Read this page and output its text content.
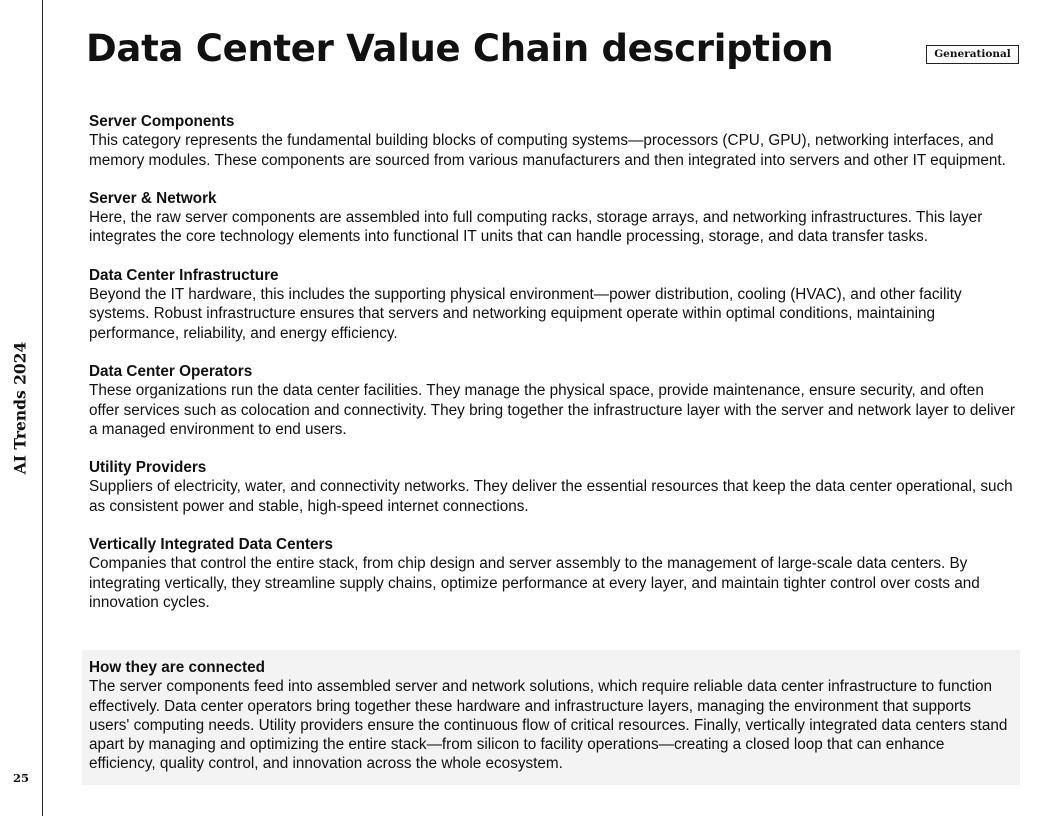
AI Trends 2024
25
Data Center Value Chain description	Generational
Server Components

This category represents the fundamental building blocks of computing systems—processors (CPU, GPU), networking interfaces, and memory modules. These components are sourced from various manufacturers and then integrated into servers and other IT equipment.

Server & Network

Here, the raw server components are assembled into full computing racks, storage arrays, and networking infrastructures. This layer integrates the core technology elements into functional IT units that can handle processing, storage, and data transfer tasks.

Data Center Infrastructure

Beyond the IT hardware, this includes the supporting physical environment—power distribution, cooling (HVAC), and other facility systems. Robust infrastructure ensures that servers and networking equipment operate within optimal conditions, maintaining performance, reliability, and energy efficiency.

Data Center Operators

These organizations run the data center facilities. They manage the physical space, provide maintenance, ensure security, and often offer services such as colocation and connectivity. They bring together the infrastructure layer with the server and network layer to deliver a managed environment to end users.

Utility Providers

Suppliers of electricity, water, and connectivity networks. They deliver the essential resources that keep the data center operational, such as consistent power and stable, high-speed internet connections.

Vertically Integrated Data Centers

Companies that control the entire stack, from chip design and server assembly to the management of large-scale data centers. By integrating vertically, they streamline supply chains, optimize performance at every layer, and maintain tighter control over costs and innovation cycles.

How they are connected

The server components feed into assembled server and network solutions, which require reliable data center infrastructure to function effectively. Data center operators bring together these hardware and infrastructure layers, managing the environment that supports users' computing needs. Utility providers ensure the continuous flow of critical resources. Finally, vertically integrated data centers stand apart by managing and optimizing the entire stack—from silicon to facility operations—creating a closed loop that can enhance efficiency, quality control, and innovation across the whole ecosystem.
